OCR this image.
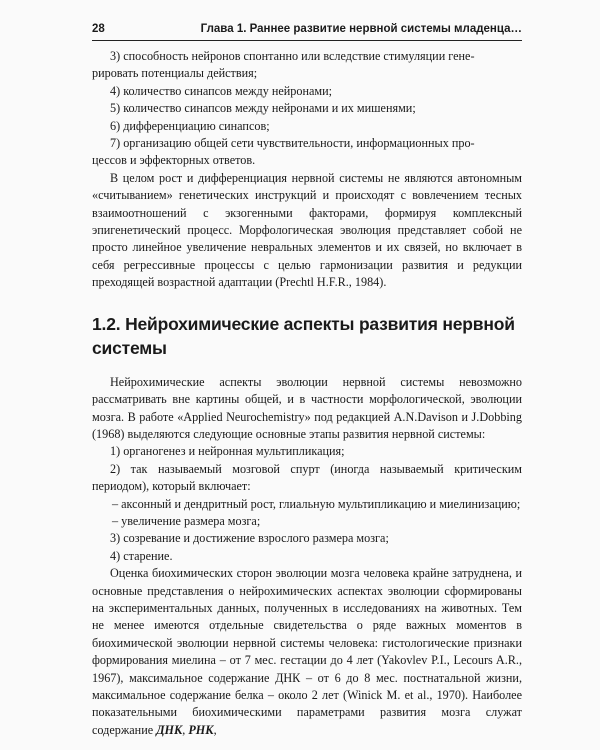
28	Глава 1. Раннее развитие нервной системы младенца…

3) способность нейронов спонтанно или вследствие стимуляции гене-

рировать потенциалы действия;

4) количество синапсов между нейронами;

5) количество синапсов между нейронами и их мишенями;

6) дифференциацию синапсов;

7) организацию общей сети чувствительности, информационных про-

цессов и эффекторных ответов.

В целом рост и дифференциация нервной системы не являются автономным «считыванием» генетических инструкций и происходят с вовлечением тесных взаимоотношений с экзогенными факторами, формируя комплексный эпигенетический процесс. Морфологическая эволюция представляет собой не просто линейное увеличение невральных элементов и их связей, но включает в себя регрессивные процессы с целью гармонизации развития и редукции преходящей возрастной адаптации (Prechtl H.F.R., 1984).

1.2. Нейрохимические аспекты развития нервной системы

Нейрохимические аспекты эволюции нервной системы невозможно рассматривать вне картины общей, и в частности морфологической, эволюции мозга. В работе «Applied Neurochemistry» под редакцией A.N.Davison и J.Dobbing (1968) выделяются следующие основные этапы развития нервной системы:

1) органогенез и нейронная мультипликация;

2) так называемый мозговой спурт (иногда называемый критическим периодом), который включает:

– аксонный и дендритный рост, глиальную мультипликацию и миелинизацию;

– увеличение размера мозга;

3) созревание и достижение взрослого размера мозга;

4) старение.

Оценка биохимических сторон эволюции мозга человека крайне затруднена, и основные представления о нейрохимических аспектах эволюции сформированы на экспериментальных данных, полученных в исследованиях на животных. Тем не менее имеются отдельные свидетельства о ряде важных моментов в биохимической эволюции нервной системы человека: гистологические признаки формирования миелина – от 7 мес. гестации до 4 лет (Yakovlev P.I., Lecours A.R., 1967), максимальное содержание ДНК – от 6 до 8 мес. постнатальной жизни, максимальное содержание белка – около 2 лет (Winick M. et al., 1970). Наиболее показательными биохимическими параметрами развития мозга служат содержание ДНК, РНК,
